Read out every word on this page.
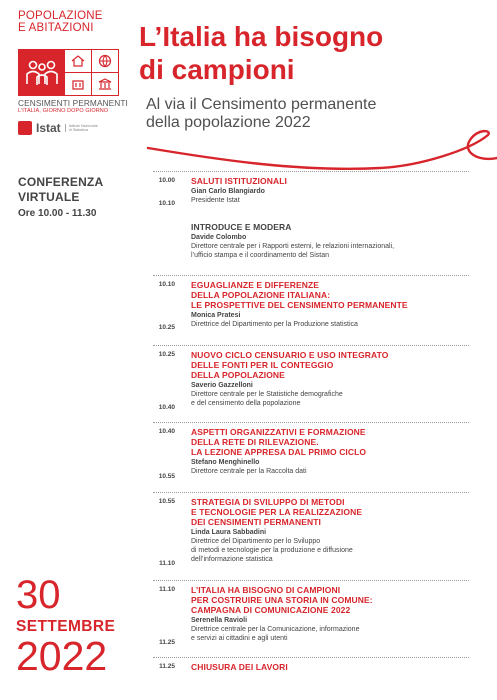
POPOLAZIONE
E ABITAZIONI
CENSIMENTI PERMANENTI
L'ITALIA, GIORNO DOPO GIORNO
Istat Istituto Nazionale
di Statistica
L’Italia ha bisogno
di campioni
Al via il Censimento permanente
della popolazione 2022
CONFERENZA
VIRTUALE
Ore 10.00 - 11.30
30
SETTEMBRE
2022
10.00
10.10
SALUTI ISTITUZIONALI
Gian Carlo Blangiardo
Presidente Istat
INTRODUCE E MODERA
Davide Colombo
Direttore centrale per i Rapporti esterni, le relazioni internazionali,
l’ufficio stampa e il coordinamento del Sistan
10.10
10.25
EGUAGLIANZE E DIFFERENZE
DELLA POPOLAZIONE ITALIANA:
LE PROSPETTIVE DEL CENSIMENTO PERMANENTE
Monica Pratesi
Direttrice del Dipartimento per la Produzione statistica
10.25
10.40
NUOVO CICLO CENSUARIO E USO INTEGRATO
DELLE FONTI PER IL CONTEGGIO
DELLA POPOLAZIONE
Saverio Gazzelloni
Direttore centrale per le Statistiche demografiche
e del censimento della popolazione
10.40
10.55
ASPETTI ORGANIZZATIVI E FORMAZIONE
DELLA RETE DI RILEVAZIONE.
LA LEZIONE APPRESA DAL PRIMO CICLO
Stefano Menghinello
Direttore centrale per la Raccolta dati
10.55
11.10
STRATEGIA DI SVILUPPO DI METODI
E TECNOLOGIE PER LA REALIZZAZIONE
DEI CENSIMENTI PERMANENTI
Linda Laura Sabbadini
Direttrice del Dipartimento per lo Sviluppo
di metodi e tecnologie per la produzione e diffusione
dell’informazione statistica
11.10
11.25
L’ITALIA HA BISOGNO DI CAMPIONI
PER COSTRUIRE UNA STORIA IN COMUNE:
CAMPAGNA DI COMUNICAZIONE 2022
Serenella Ravioli
Direttrice centrale per la Comunicazione, informazione
e servizi ai cittadini e agli utenti
11.25 CHIUSURA DEI LAVORI
